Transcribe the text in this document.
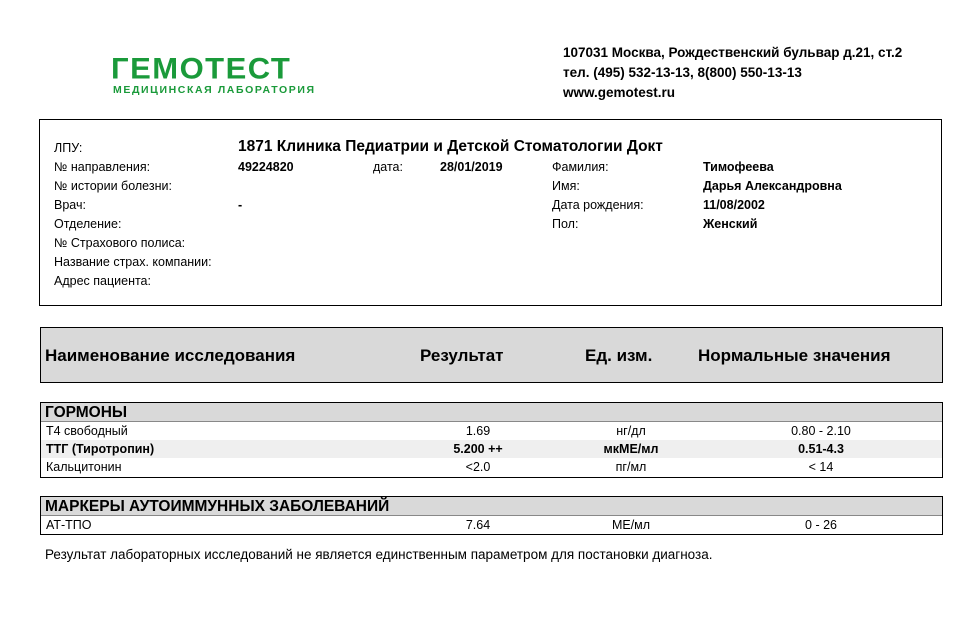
ГЕМОТЕСТ
МЕДИЦИНСКАЯ ЛАБОРАТОРИЯ
107031 Москва, Рождественский бульвар д.21, ст.2
тел. (495) 532-13-13, 8(800) 550-13-13
www.gemotest.ru
ЛПУ:	1871 Клиника Педиатрии и Детской Стоматологии Докт
№ направления:	49224820	дата:	28/01/2019	Фамилия:	Тимофеева
№ истории болезни:	Имя:	Дарья Александровна
Врач:	-	Дата рождения:	11/08/2002
Отделение:	Пол:	Женский
№ Страхового полиса:
Название страх. компании:
Адрес пациента:
Наименование исследования	Результат	Ед. изм.	Нормальные значения
ГОРМОНЫ
Т4 свободный	1.69	нг/дл	0.80 - 2.10
ТТГ (Тиротропин)	5.200 ++	мкМЕ/мл	0.51-4.3
Кальцитонин	<2.0	пг/мл	< 14
МАРКЕРЫ АУТОИММУННЫХ ЗАБОЛЕВАНИЙ
АТ-ТПО	7.64	МЕ/мл	0 - 26
Результат лабораторных исследований не является единственным параметром для постановки диагноза.
